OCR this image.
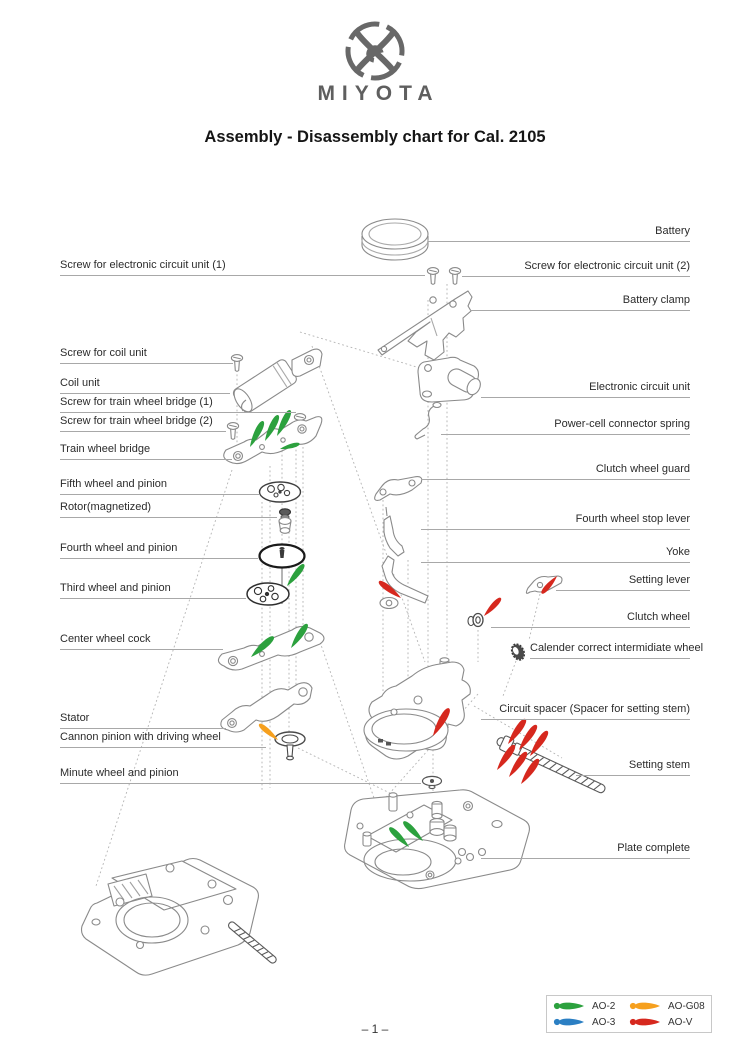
MIYOTA
Assembly - Disassembly chart for Cal. 2105
Screw for electronic circuit unit (1)
Screw for coil unit
Coil unit
Screw for train wheel bridge (1)
Screw for train wheel bridge (2)
Train wheel bridge
Fifth wheel and pinion
Rotor(magnetized)
Fourth wheel and pinion
Third wheel and pinion
Center wheel cock
Stator
Cannon pinion with driving wheel
Minute wheel and pinion
Battery
Screw for electronic circuit unit (2)
Battery clamp
Electronic circuit unit
Power-cell connector spring
Clutch wheel guard
Fourth wheel stop lever
Yoke
Setting lever
Clutch wheel
Calender correct intermidiate wheel
Circuit spacer (Spacer for setting stem)
Setting stem
Plate complete
AO-2
AO-3
AO-G08
AO-V
– 1 –
